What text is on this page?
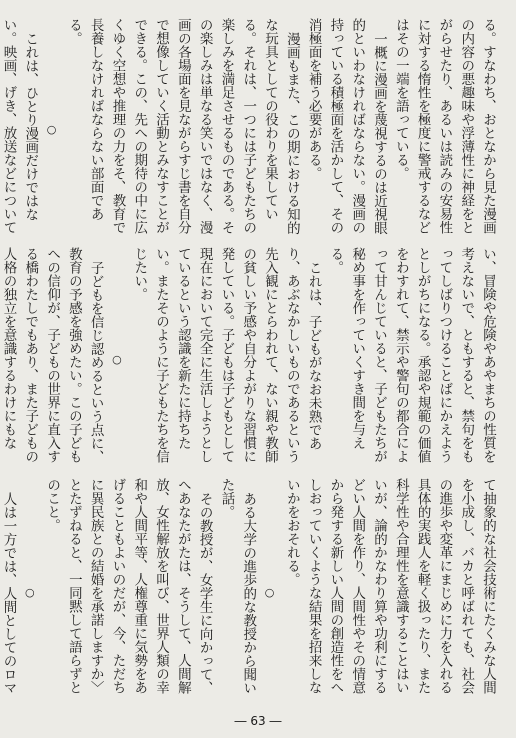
る。すなわち、おとなから見た漫画の内容の悪趣味や浮薄性に神経をとがらせたり、あるいは読みの安易性に対する惰性を極度に警戒するなどはその一端を語っている。

一概に漫画を蔑視するのは近視眼的といわなければならない。漫画の持っている積極面を活かして、その消極面を補う必要がある。

漫画もまた、この期における知的な玩具としての役わりを果している。それは、一つには子どもたちの楽しみを満足させるものである。その楽しみは単なる笑いではなく、漫画の各場面を見ながらすじ書を自分で想像していく活動とみなすことができる。この、先への期待の中に広くゆく空想や推理の力をそ、教育で長養しなければならない部面である。

○

これは、ひとり漫画だけではない。映画、げき、放送などについて

い、冒険や危険やあやまちの性質を考えないで、ともすると、禁句をもってしばりつけることばにかえようとしがちになる。承認や規範の価値をわすれて、禁示や警句の都合によって甘んじていると、子どもたちが秘め事を作っていくすき間を与える。

これは、子どもがなお未熟であり、あぶなかしいものであるという先入観にとらわれて、ない親や教師の貧しい予感や自分よがりな習慣に発している。子どもは子どもとして現在において完全に生活しようとしているという認識を新たに持ちたい。またそのように子どもたちを信じたい。

○

子どもを信じ認めるという点に、教育の予感を強めたい。この子どもへの信仰が、子どもの世界に直入する橋わたしでもあり、また子どもの人格の独立を意識するわけにもな

て抽象的な社会技術にたくみな人間を小成し、バカと呼ばれても、社会の進歩や変革にまじめに力を入れる具体的実践人を軽く扱ったり、また科学性や合理性を意識することはいいが、論的かなわり算や功利にするどい人間を作り、人間性やその情意から発する新しい人間の創造性をへしおっていくような結果を招来しないかをおそれる。

○

ある大学の進歩的な教授から聞いた話。

その教授が、女学生に向かって、へあなたがたは、そうして、人間解放、女性解放を叫び、世界人類の幸和や人間平等、人権尊重に気勢をあげることもよいのだが、今、ただちに異民族との結婚を承諾しますか〉とたずねると、一同黙して語らずとのこと。

○

人は一方では、人間としてのロマ

― 63 ―
